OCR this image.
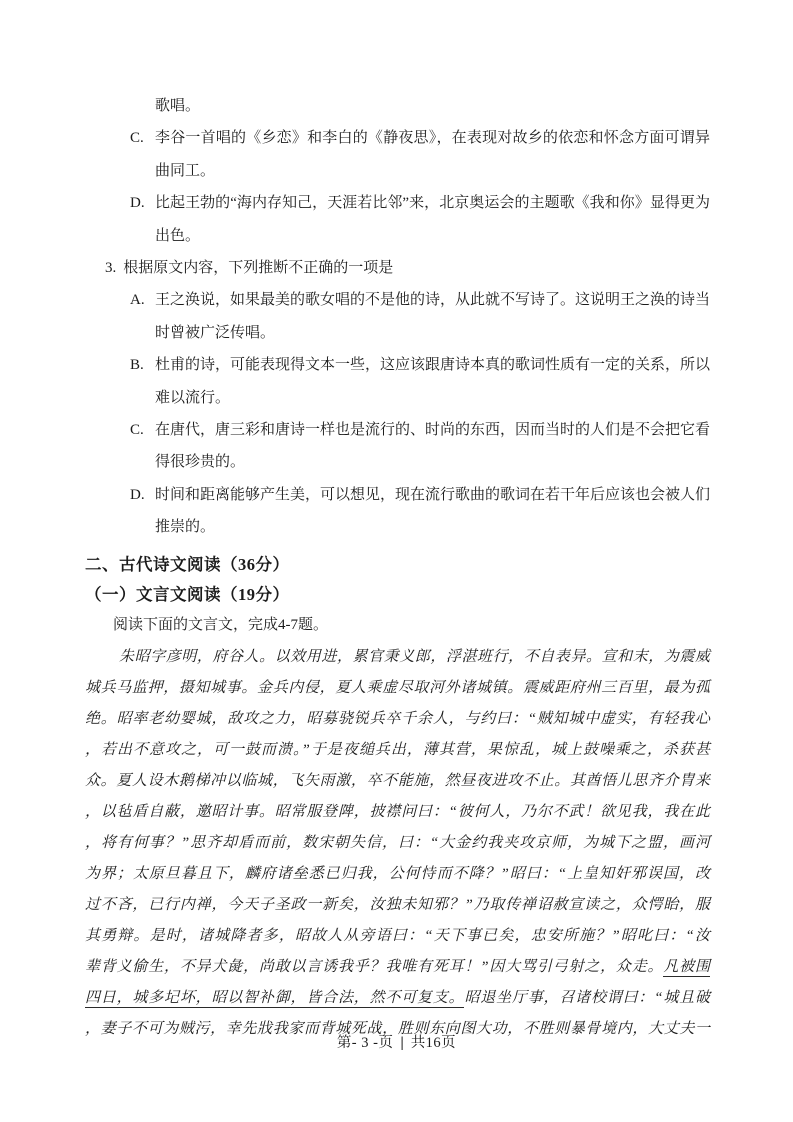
歌唱。
C. 李谷一首唱的《乡恋》和李白的《静夜思》，在表现对故乡的依恋和怀念方面可谓异曲同工。
D. 比起王勃的“海内存知己，天涯若比邻”来，北京奥运会的主题歌《我和你》显得更为出色。
3. 根据原文内容，下列推断不正确的一项是
A. 王之涣说，如果最美的歌女唱的不是他的诗，从此就不写诗了。这说明王之涣的诗当时曾被广泛传唱。
B. 杜甫的诗，可能表现得文本一些，这应该跟唐诗本真的歌词性质有一定的关系，所以难以流行。
C. 在唐代，唐三彩和唐诗一样也是流行的、时尚的东西，因而当时的人们是不会把它看得很珍贵的。
D. 时间和距离能够产生美，可以想见，现在流行歌曲的歌词在若干年后应该也会被人们推崇的。
二、古代诗文阅读（36分）
（一）文言文阅读（19分）
阅读下面的文言文，完成4-7题。
朱昭字彦明，府谷人。以效用进，累官秉义郎，浮湛班行，不自表异。宣和末，为震威
城兵马监押，摄知城事。金兵内侵，夏人乘虚尽取河外诸城镇。震威距府州三百里，最为孤
绝。昭率老幼婴城，敌攻之力，昭募骁锐兵卒千余人，与约曰：“贼知城中虚实，有轻我心
，若出不意攻之，可一鼓而溃。”于是夜缒兵出，薄其营，果惊乱，城上鼓噪乘之，杀获甚
众。夏人设木鹅梯冲以临城，飞矢雨激，卒不能施，然昼夜进攻不止。其酋悟儿思齐介胄来
，以毡盾自蔽，邀昭计事。昭常服登陴，披襟问曰：“彼何人，乃尔不武！欲见我，我在此
，将有何事？”思齐却盾而前，数宋朝失信，曰：“大金约我夹攻京师，为城下之盟，画河
为界；太原旦暮且下，麟府诸垒悉已归我，公何恃而不降？”昭曰：“上皇知奸邪误国，改
过不吝，已行内禅，今天子圣政一新矣，汝独未知邪？”乃取传禅诏赦宣读之，众愕眙，服
其勇辩。是时，诸城降者多，昭故人从旁语曰：“天下事已矣，忠安所施？”昭叱曰：“汝
辈背义偷生，不异犬彘，尚敢以言诱我乎？我唯有死耳！”因大骂引弓射之，众走。凡被围
四日，城多圮坏，昭以智补御，皆合法，然不可复支。昭退坐厅事，召诸校谓曰：“城且破
，妻子不可为贼污，幸先戕我家而背城死战，胜则东向图大功，不胜则暴骨境内，大丈夫一
第- 3 -页 | 共16页
